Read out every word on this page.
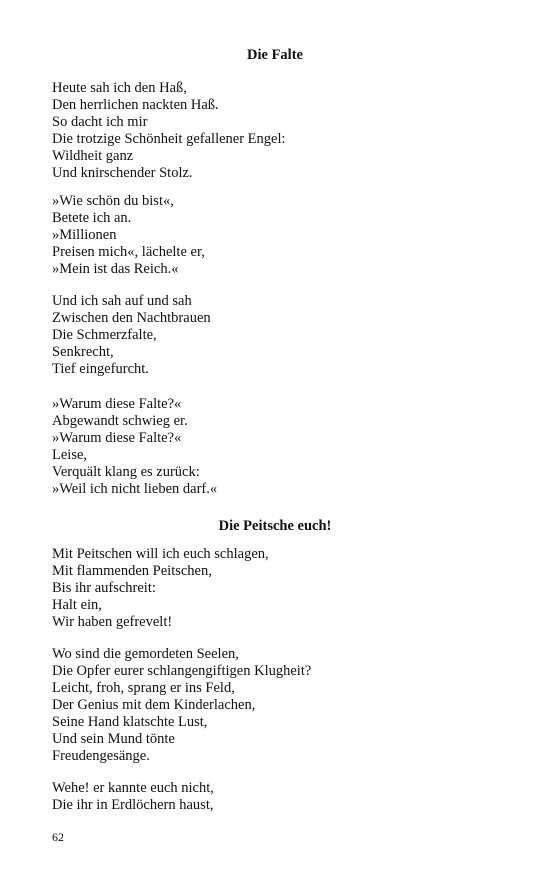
Die Falte
Heute sah ich den Haß,
Den herrlichen nackten Haß.
So dacht ich mir
Die trotzige Schönheit gefallener Engel:
Wildheit ganz
Und knirschender Stolz.
»Wie schön du bist«,
Betete ich an.
»Millionen
Preisen mich«, lächelte er,
»Mein ist das Reich.«
Und ich sah auf und sah
Zwischen den Nachtbrauen
Die Schmerzfalte,
Senkrecht,
Tief eingefurcht.
»Warum diese Falte?«
Abgewandt schwieg er.
»Warum diese Falte?«
Leise,
Verquält klang es zurück:
»Weil ich nicht lieben darf.«
Die Peitsche euch!
Mit Peitschen will ich euch schlagen,
Mit flammenden Peitschen,
Bis ihr aufschreit:
Halt ein,
Wir haben gefrevelt!
Wo sind die gemordeten Seelen,
Die Opfer eurer schlangengiftigen Klugheit?
Leicht, froh, sprang er ins Feld,
Der Genius mit dem Kinderlachen,
Seine Hand klatschte Lust,
Und sein Mund tönte
Freudengesänge.
Wehe! er kannte euch nicht,
Die ihr in Erdlöchern haust,
62
